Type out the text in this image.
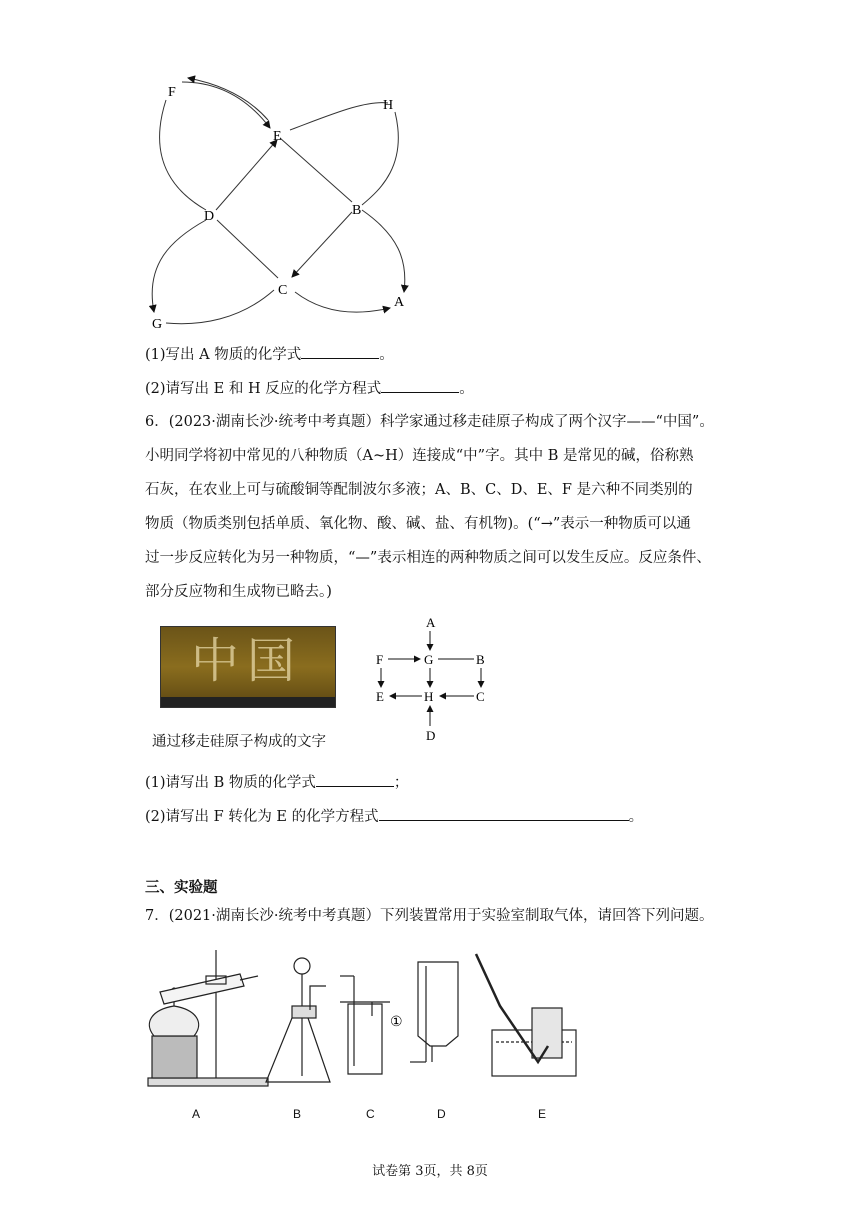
F
H
E
D	B
C
G
A
(1)写出 A 物质的化学式	。
(2)请写出 E 和 H 反应的化学方程式	。
6．(2023·湖南长沙·统考中考真题）科学家通过移走硅原子构成了两个汉字——“中国”。
小明同学将初中常见的八种物质（A~H）连接成“中”字。其中 B 是常见的碱，俗称熟
石灰，在农业上可与硫酸铜等配制波尔多液；A、B、C、D、E、F 是六种不同类别的
物质（物质类别包括单质、氧化物、酸、碱、盐、有机物)。(“→”表示一种物质可以通
过一步反应转化为另一种物质，“—”表示相连的两种物质之间可以发生反应。反应条件、
部分反应物和生成物已略去。)
中国
通过移走硅原子构成的文字
A
F	G	B
E	H	C
D
(1)请写出 B 物质的化学式	；
(2)请写出 F 转化为 E 的化学方程式	。
三、实验题
7．(2021·湖南长沙·统考中考真题）下列装置常用于实验室制取气体，请回答下列问题。
①
A	B	C	D	E
试卷第 3页，共 8页
